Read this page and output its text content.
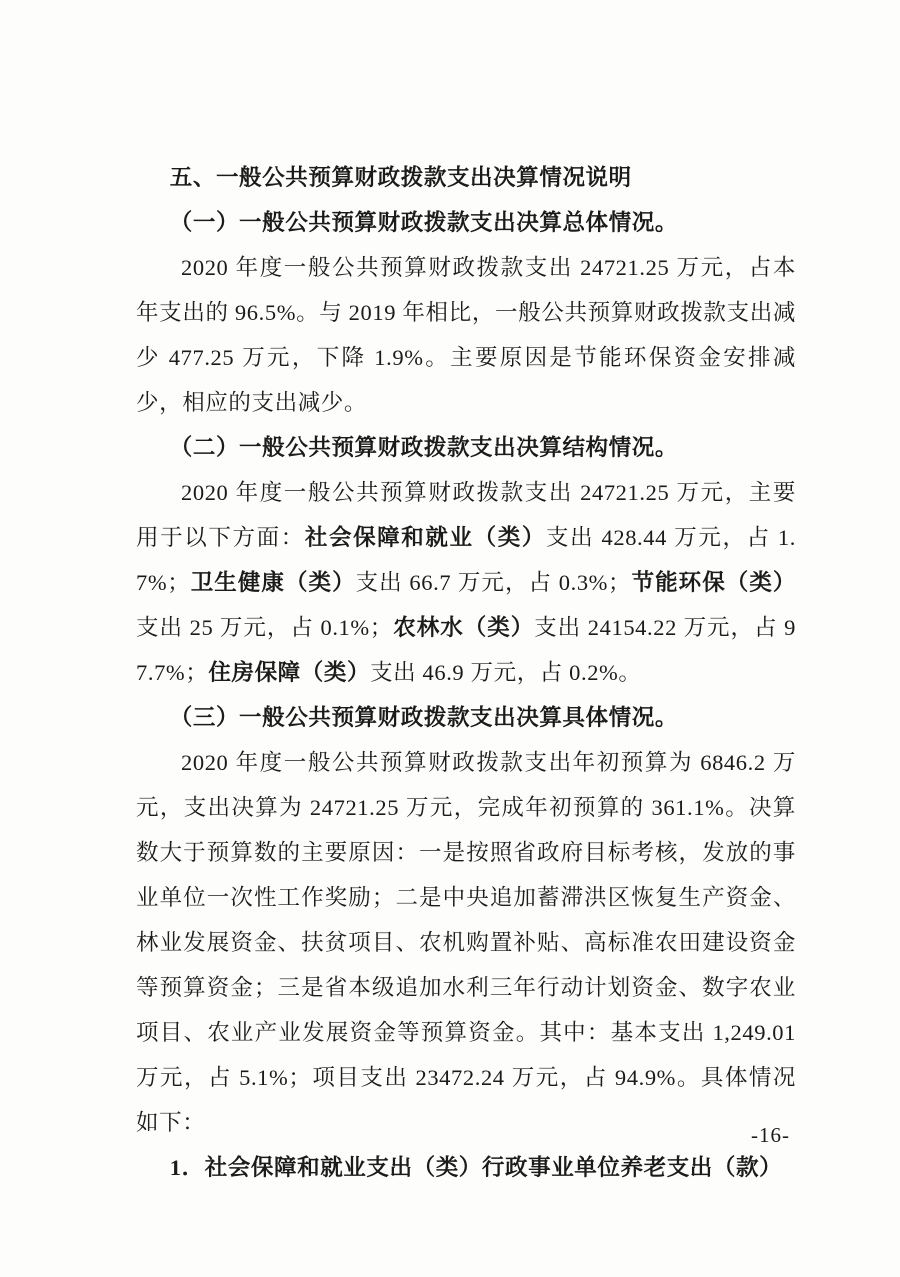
五、一般公共预算财政拨款支出决算情况说明

（一）一般公共预算财政拨款支出决算总体情况。

2020 年度一般公共预算财政拨款支出 24721.25 万元，占本年支出的 96.5%。与 2019 年相比，一般公共预算财政拨款支出减少 477.25 万元，下降 1.9%。主要原因是节能环保资金安排减少，相应的支出减少。

（二）一般公共预算财政拨款支出决算结构情况。

2020 年度一般公共预算财政拨款支出 24721.25 万元，主要用于以下方面：社会保障和就业（类）支出 428.44 万元，占 1.7%；卫生健康（类）支出 66.7 万元，占 0.3%；节能环保（类）支出 25 万元，占 0.1%；农林水（类）支出 24154.22 万元，占 97.7%；住房保障（类）支出 46.9 万元，占 0.2%。

（三）一般公共预算财政拨款支出决算具体情况。

2020 年度一般公共预算财政拨款支出年初预算为 6846.2 万元，支出决算为 24721.25 万元，完成年初预算的 361.1%。决算数大于预算数的主要原因：一是按照省政府目标考核，发放的事业单位一次性工作奖励；二是中央追加蓄滞洪区恢复生产资金、林业发展资金、扶贫项目、农机购置补贴、高标准农田建设资金等预算资金；三是省本级追加水利三年行动计划资金、数字农业项目、农业产业发展资金等预算资金。其中：基本支出 1,249.01 万元，占 5.1%；项目支出 23472.24 万元，占 94.9%。具体情况如下：

1．社会保障和就业支出（类）行政事业单位养老支出（款）

-16-
